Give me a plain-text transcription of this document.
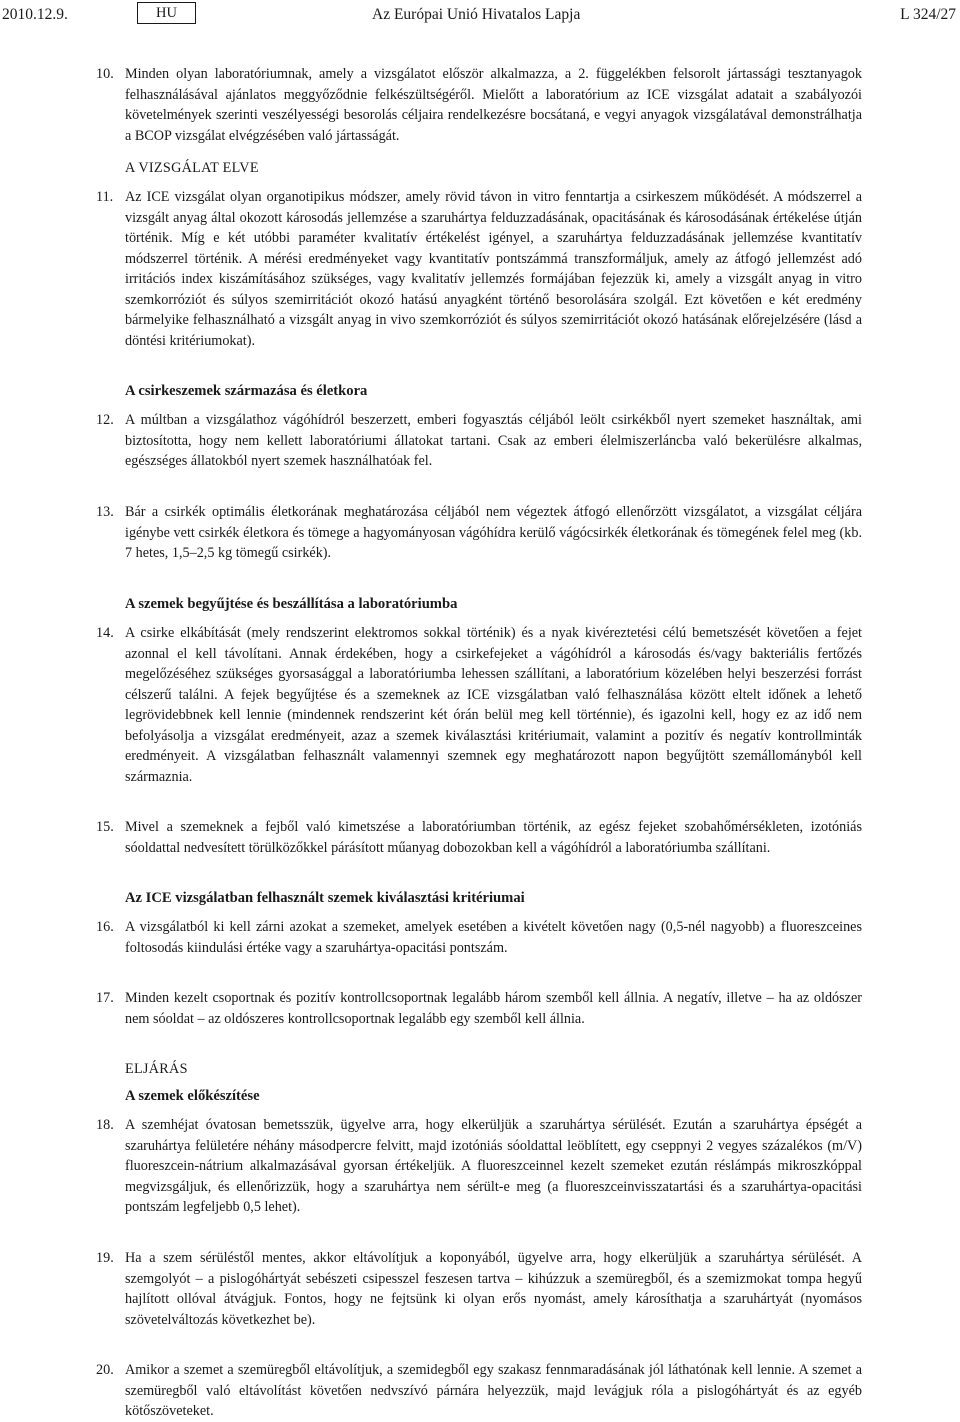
2010.12.9.	HU	Az Európai Unió Hivatalos Lapja	L 324/27
10. Minden olyan laboratóriumnak, amely a vizsgálatot először alkalmazza, a 2. függelékben felsorolt jártassági tesztanyagok felhasználásával ajánlatos meggyőződnie felkészültségéről. Mielőtt a laboratórium az ICE vizsgálat adatait a szabályozói követelmények szerinti veszélyességi besorolás céljaira rendelkezésre bocsátaná, e vegyi anyagok vizsgálatával demonstrálhatja a BCOP vizsgálat elvégzésében való jártasságát.
A VIZSGÁLAT ELVE
11. Az ICE vizsgálat olyan organotipikus módszer, amely rövid távon in vitro fenntartja a csirkeszem működését. A módszerrel a vizsgált anyag által okozott károsodás jellemzése a szaruhártya felduzzadásának, opacitásának és károsodásának értékelése útján történik. Míg e két utóbbi paraméter kvalitatív értékelést igényel, a szaruhártya felduzzadásának jellemzése kvantitatív módszerrel történik. A mérési eredményeket vagy kvantitatív pontszámmá transzformáljuk, amely az átfogó jellemzést adó irritációs index kiszámításához szükséges, vagy kvalitatív jellemzés formájában fejezzük ki, amely a vizsgált anyag in vitro szemkorróziót és súlyos szemirritációt okozó hatású anyagként történő besorolására szolgál. Ezt követően e két eredmény bármelyike felhasználható a vizsgált anyag in vivo szemkorróziót és súlyos szemirritációt okozó hatásának előrejelzésére (lásd a döntési kritériumokat).
A csirkeszemek származása és életkora
12. A múltban a vizsgálathoz vágóhídról beszerzett, emberi fogyasztás céljából leölt csirkékből nyert szemeket használtak, ami biztosította, hogy nem kellett laboratóriumi állatokat tartani. Csak az emberi élelmiszerláncba való bekerülésre alkalmas, egészséges állatokból nyert szemek használhatóak fel.
13. Bár a csirkék optimális életkorának meghatározása céljából nem végeztek átfogó ellenőrzött vizsgálatot, a vizsgálat céljára igénybe vett csirkék életkora és tömege a hagyományosan vágóhídra kerülő vágócsirkék életkorának és tömegének felel meg (kb. 7 hetes, 1,5–2,5 kg tömegű csirkék).
A szemek begyűjtése és beszállítása a laboratóriumba
14. A csirke elkábítását (mely rendszerint elektromos sokkal történik) és a nyak kivéreztetési célú bemetszését követően a fejet azonnal el kell távolítani. Annak érdekében, hogy a csirkefejeket a vágóhídról a károsodás és/vagy bakteriális fertőzés megelőzéséhez szükséges gyorsasággal a laboratóriumba lehessen szállítani, a laboratórium közelében helyi beszerzési forrást célszerű találni. A fejek begyűjtése és a szemeknek az ICE vizsgálatban való felhasználása között eltelt időnek a lehető legrövidebbnek kell lennie (mindennek rendszerint két órán belül meg kell történnie), és igazolni kell, hogy ez az idő nem befolyásolja a vizsgálat eredményeit, azaz a szemek kiválasztási kritériumait, valamint a pozitív és negatív kontrollminták eredményeit. A vizsgálatban felhasznált valamennyi szemnek egy meghatározott napon begyűjtött szemállományból kell származnia.
15. Mivel a szemeknek a fejből való kimetszése a laboratóriumban történik, az egész fejeket szobahőmérsékleten, izotóniás sóoldattal nedvesített törülközőkkel párásított műanyag dobozokban kell a vágóhídról a laboratóriumba szállítani.
Az ICE vizsgálatban felhasznált szemek kiválasztási kritériumai
16. A vizsgálatból ki kell zárni azokat a szemeket, amelyek esetében a kivételt követően nagy (0,5-nél nagyobb) a fluoreszceines foltosodás kiindulási értéke vagy a szaruhártya-opacitási pontszám.
17. Minden kezelt csoportnak és pozitív kontrollcsoportnak legalább három szemből kell állnia. A negatív, illetve – ha az oldószer nem sóoldat – az oldószeres kontrollcsoportnak legalább egy szemből kell állnia.
ELJÁRÁS
A szemek előkészítése
18. A szemhéjat óvatosan bemetsszük, ügyelve arra, hogy elkerüljük a szaruhártya sérülését. Ezután a szaruhártya épségét a szaruhártya felületére néhány másodpercre felvitt, majd izotóniás sóoldattal leöblített, egy cseppnyi 2 vegyes százalékos (m/V) fluoreszcein-nátrium alkalmazásával gyorsan értékeljük. A fluoreszceinnel kezelt szemeket ezután réslámpás mikroszkóppal megvizsgáljuk, és ellenőrizzük, hogy a szaruhártya nem sérült-e meg (a fluoreszceinvisszatartási és a szaruhártya-opacitási pontszám legfeljebb 0,5 lehet).
19. Ha a szem sérüléstől mentes, akkor eltávolítjuk a koponyából, ügyelve arra, hogy elkerüljük a szaruhártya sérülését. A szemgolyót – a pislogóhártyát sebészeti csipesszel feszesen tartva – kihúzzuk a szemüregből, és a szemizmokat tompa hegyű hajlított ollóval átvágjuk. Fontos, hogy ne fejtsünk ki olyan erős nyomást, amely károsíthatja a szaruhártyát (nyomásos szövetelváltozás következhet be).
20. Amikor a szemet a szemüregből eltávolítjuk, a szemidegből egy szakasz fennmaradásának jól láthatónak kell lennie. A szemet a szemüregből való eltávolítást követően nedvszívó párnára helyezzük, majd levágjuk róla a pislogóhártyát és az egyéb kötőszöveteket.
